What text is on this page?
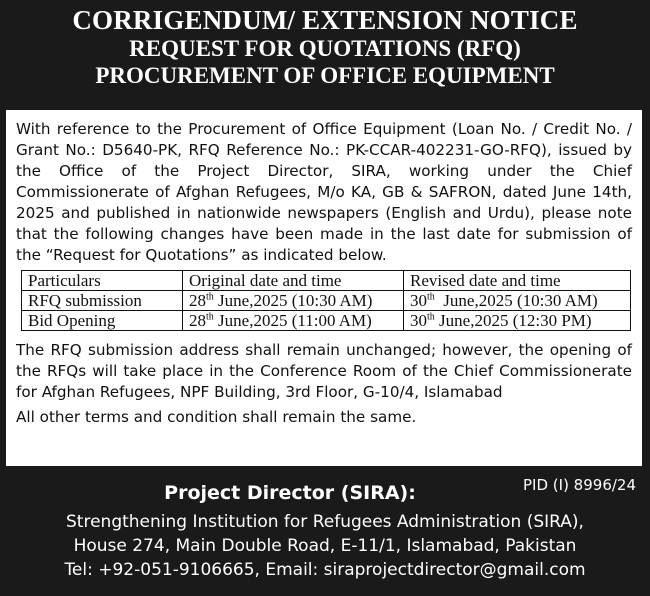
CORRIGENDUM/ EXTENSION NOTICE
REQUEST FOR QUOTATIONS (RFQ)
PROCUREMENT OF OFFICE EQUIPMENT

With reference to the Procurement of Office Equipment (Loan No. / Credit No. / Grant No.: D5640-PK, RFQ Reference No.: PK-CCAR-402231-GO-RFQ), issued by the Office of the Project Director, SIRA, working under the Chief Commissionerate of Afghan Refugees, M/o KA, GB & SAFRON, dated June 14th, 2025 and published in nationwide newspapers (English and Urdu), please note that the following changes have been made in the last date for submission of the “Request for Quotations” as indicated below.

Particulars	Original date and time	Revised date and time
RFQ submission	28th June,2025 (10:30 AM)	30th  June,2025 (10:30 AM)
Bid Opening	28th June,2025 (11:00 AM)	30th June,2025 (12:30 PM)

The RFQ submission address shall remain unchanged; however, the opening of the RFQs will take place in the Conference Room of the Chief Commissionerate for Afghan Refugees, NPF Building, 3rd Floor, G-10/4, Islamabad

All other terms and condition shall remain the same.

PID (I) 8996/24
Project Director (SIRA):
Strengthening Institution for Refugees Administration (SIRA),
House 274, Main Double Road, E-11/1, Islamabad, Pakistan
Tel: +92-051-9106665, Email: siraprojectdirector@gmail.com
